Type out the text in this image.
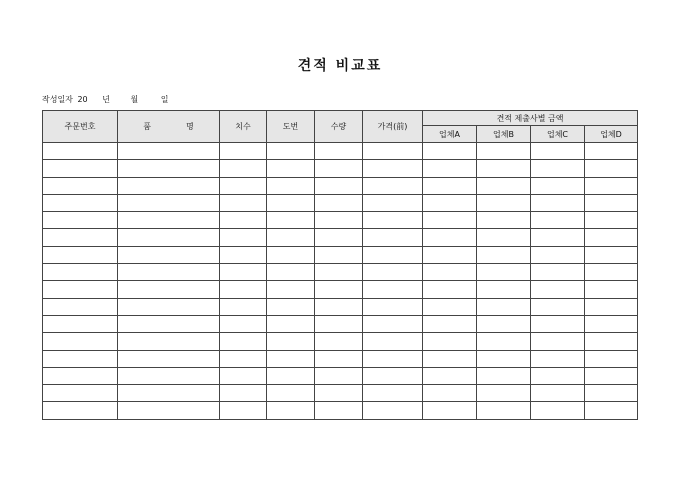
견적 비교표
작성일자 20 년	월	일
주문번호	품 명	치수	도번	수량	가격(前)	견적 제출사별 금액			
						업체A	업체B	업체C	업체D
